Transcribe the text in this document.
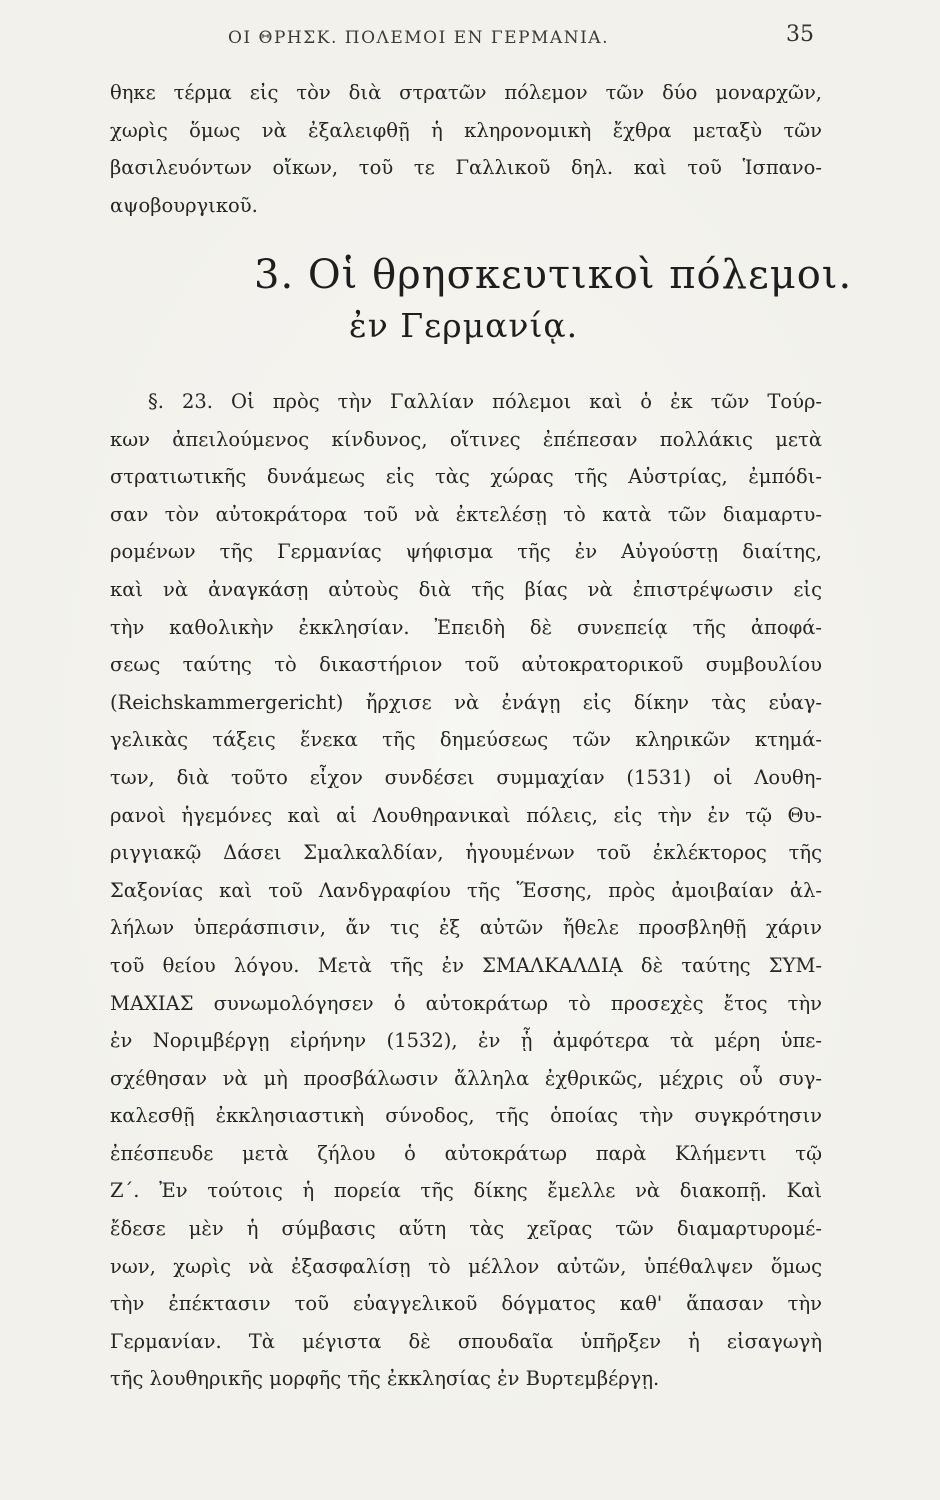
ΟΙ ΘΡΗΣΚ. ΠΟΛΕΜΟΙ ΕΝ ΓΕΡΜΑΝΙΑ.	35
θηκε τέρμα εἰς τὸν διὰ στρατῶν πόλεμον τῶν δύο μοναρχῶν,
χωρὶς ὅμως νὰ ἐξαλειφθῇ ἡ κληρονομικὴ ἔχθρα μεταξὺ τῶν
βασιλευόντων οἴκων, τοῦ τε Γαλλικοῦ δηλ. καὶ τοῦ Ἱσπανο-
αψοβουργικοῦ.
3. Οἱ θρησκευτικοὶ πόλεμοι.
ἐν Γερμανίᾳ.
§. 23. Οἱ πρὸς τὴν Γαλλίαν πόλεμοι καὶ ὁ ἐκ τῶν Τούρ-
κων ἀπειλούμενος κίνδυνος, οἵτινες ἐπέπεσαν πολλάκις μετὰ
στρατιωτικῆς δυνάμεως εἰς τὰς χώρας τῆς Αὐστρίας, ἐμπόδι-
σαν τὸν αὐτοκράτορα τοῦ νὰ ἐκτελέσῃ τὸ κατὰ τῶν διαμαρτυ-
ρομένων τῆς Γερμανίας ψήφισμα τῆς ἐν Αὐγούστῃ διαίτης,
καὶ νὰ ἀναγκάσῃ αὐτοὺς διὰ τῆς βίας νὰ ἐπιστρέψωσιν εἰς
τὴν καθολικὴν ἐκκλησίαν. Ἐπειδὴ δὲ συνεπείᾳ τῆς ἀποφά-
σεως ταύτης τὸ δικαστήριον τοῦ αὐτοκρατορικοῦ συμβουλίου
(Reichskammergericht) ἤρχισε νὰ ἐνάγῃ εἰς δίκην τὰς εὐαγ-
γελικὰς τάξεις ἕνεκα τῆς δημεύσεως τῶν κληρικῶν κτημά-
των, διὰ τοῦτο εἶχον συνδέσει συμμαχίαν (1531) οἱ Λουθη-
ρανοὶ ἡγεμόνες καὶ αἱ Λουθηρανικαὶ πόλεις, εἰς τὴν ἐν τῷ Θυ-
ριγγιακῷ Δάσει Σμαλκαλδίαν, ἡγουμένων τοῦ ἐκλέκτορος τῆς
Σαξονίας καὶ τοῦ Λανδγραφίου τῆς Ἕσσης, πρὸς ἀμοιβαίαν ἀλ-
λήλων ὑπεράσπισιν, ἄν τις ἐξ αὐτῶν ἤθελε προσβληθῇ χάριν
τοῦ θείου λόγου. Μετὰ τῆς ἐν ΣΜΑΛΚΑΛΔΙᾼ δὲ ταύτης ΣΥΜ-
ΜΑΧΙΑΣ συνωμολόγησεν ὁ αὐτοκράτωρ τὸ προσεχὲς ἔτος τὴν
ἐν Νοριμβέργῃ εἰρήνην (1532), ἐν ᾗ ἀμφότερα τὰ μέρη ὑπε-
σχέθησαν νὰ μὴ προσβάλωσιν ἄλληλα ἐχθρικῶς, μέχρις οὗ συγ-
καλεσθῇ ἐκκλησιαστικὴ σύνοδος, τῆς ὁποίας τὴν συγκρότησιν
ἐπέσπευδε μετὰ ζήλου ὁ αὐτοκράτωρ παρὰ Κλήμεντι τῷ
Ζ΄. Ἐν τούτοις ἡ πορεία τῆς δίκης ἔμελλε νὰ διακοπῇ. Καὶ
ἔδεσε μὲν ἡ σύμβασις αὕτη τὰς χεῖρας τῶν διαμαρτυρομέ-
νων, χωρὶς νὰ ἐξασφαλίσῃ τὸ μέλλον αὐτῶν, ὑπέθαλψεν ὅμως
τὴν ἐπέκτασιν τοῦ εὐαγγελικοῦ δόγματος καθ' ἅπασαν τὴν
Γερμανίαν. Τὰ μέγιστα δὲ σπουδαῖα ὑπῆρξεν ἡ εἰσαγωγὴ
τῆς λουθηρικῆς μορφῆς τῆς ἐκκλησίας ἐν Βυρτεμβέργῃ.
